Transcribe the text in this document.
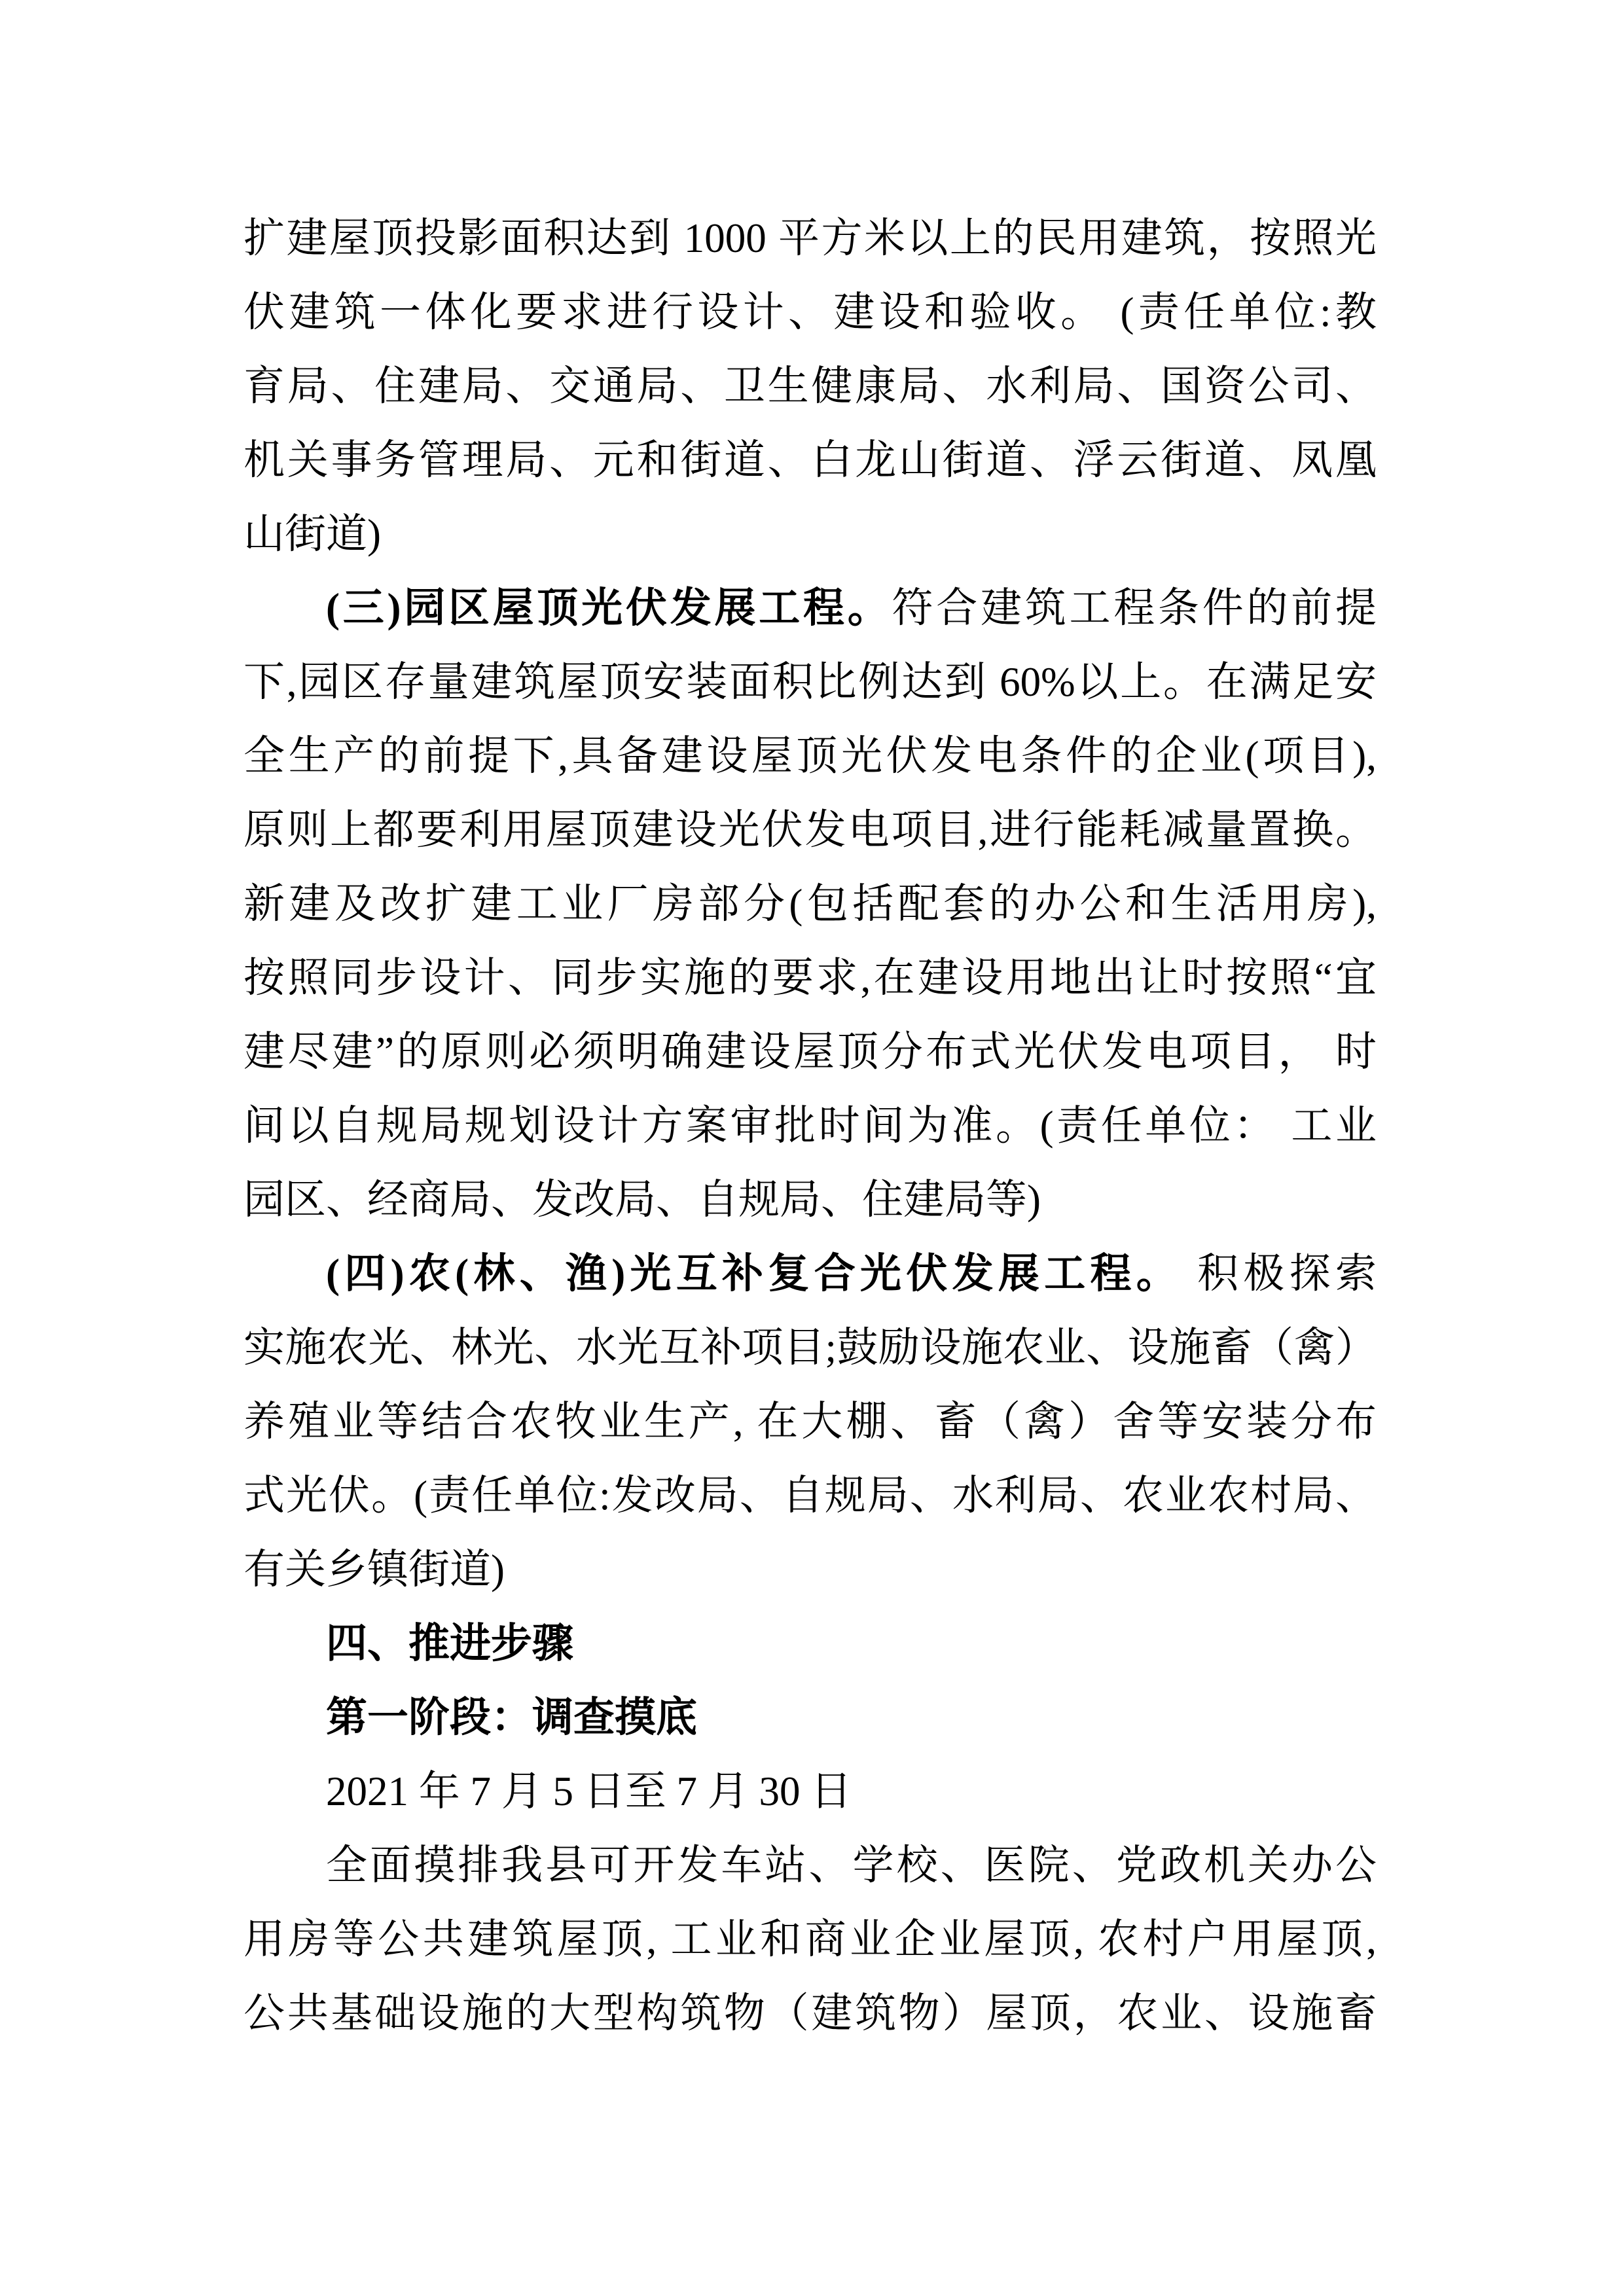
扩建屋顶投影面积达到 1000 平方米以上的民用建筑，按照光
伏建筑一体化要求进行设计、建设和验收。 (责任单位:教
育局、住建局、交通局、卫生健康局、水利局、国资公司、
机关事务管理局、元和街道、白龙山街道、浮云街道、凤凰
山街道)
(三)园区屋顶光伏发展工程。符合建筑工程条件的前提
下,园区存量建筑屋顶安装面积比例达到 60%以上。在满足安
全生产的前提下,具备建设屋顶光伏发电条件的企业(项目),
原则上都要利用屋顶建设光伏发电项目,进行能耗减量置换。
新建及改扩建工业厂房部分(包括配套的办公和生活用房),
按照同步设计、同步实施的要求,在建设用地出让时按照“宜
建尽建”的原则必须明确建设屋顶分布式光伏发电项目， 时
间以自规局规划设计方案审批时间为准。(责任单位： 工业
园区、经商局、发改局、自规局、住建局等)
(四)农(林、渔)光互补复合光伏发展工程。 积极探索
实施农光、林光、水光互补项目;鼓励设施农业、设施畜（禽）
养殖业等结合农牧业生产, 在大棚、畜（禽）舍等安装分布
式光伏。(责任单位:发改局、自规局、水利局、农业农村局、
有关乡镇街道)
四、推进步骤
第一阶段：调查摸底
2021 年 7 月 5 日至 7 月 30 日
全面摸排我县可开发车站、学校、医院、党政机关办公
用房等公共建筑屋顶, 工业和商业企业屋顶, 农村户用屋顶,
公共基础设施的大型构筑物（建筑物）屋顶，农业、设施畜
